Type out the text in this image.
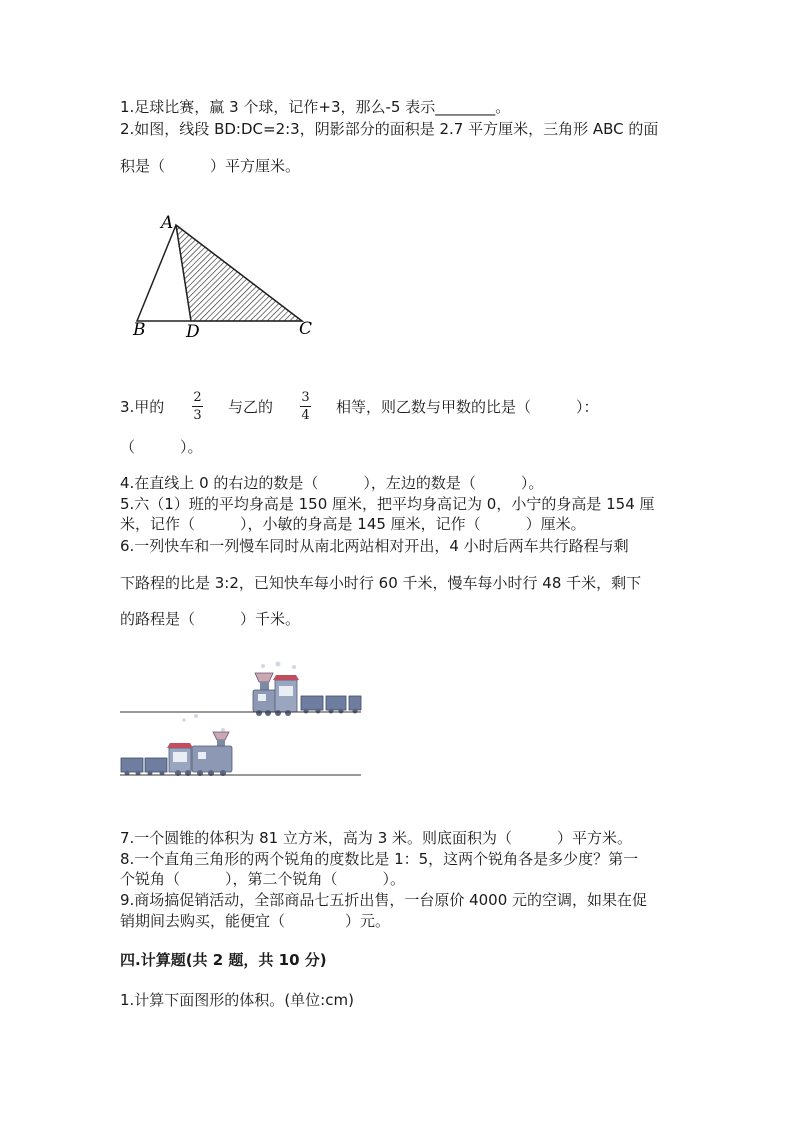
1.足球比赛，赢 3 个球，记作+3，那么-5 表示________。
2.如图，线段 BD:DC=2:3，阴影部分的面积是 2.7 平方厘米，三角形 ABC 的面
积是（　　　）平方厘米。
A
B D	C
3.甲的
2
3 与乙的
3
4 相等，则乙数与甲数的比是（　　　）：
（　　　）。
4.在直线上 0 的右边的数是（　　　），左边的数是（　　　）。
5.六（1）班的平均身高是 150 厘米，把平均身高记为 0，小宁的身高是 154 厘
米，记作（　　　），小敏的身高是 145 厘米，记作（　　　）厘米。
6.一列快车和一列慢车同时从南北两站相对开出，4 小时后两车共行路程与剩
下路程的比是 3:2，已知快车每小时行 60 千米，慢车每小时行 48 千米，剩下
的路程是（　　　）千米。
7.一个圆锥的体积为 81 立方米，高为 3 米。则底面积为（　　　）平方米。
8.一个直角三角形的两个锐角的度数比是 1：5，这两个锐角各是多少度？第一
个锐角（　　　），第二个锐角（　　　）。
9.商场搞促销活动，全部商品七五折出售，一台原价 4000 元的空调，如果在促
销期间去购买，能便宜（　　　　）元。
四.计算题(共 2 题，共 10 分)
1.计算下面图形的体积。(单位:cm)
